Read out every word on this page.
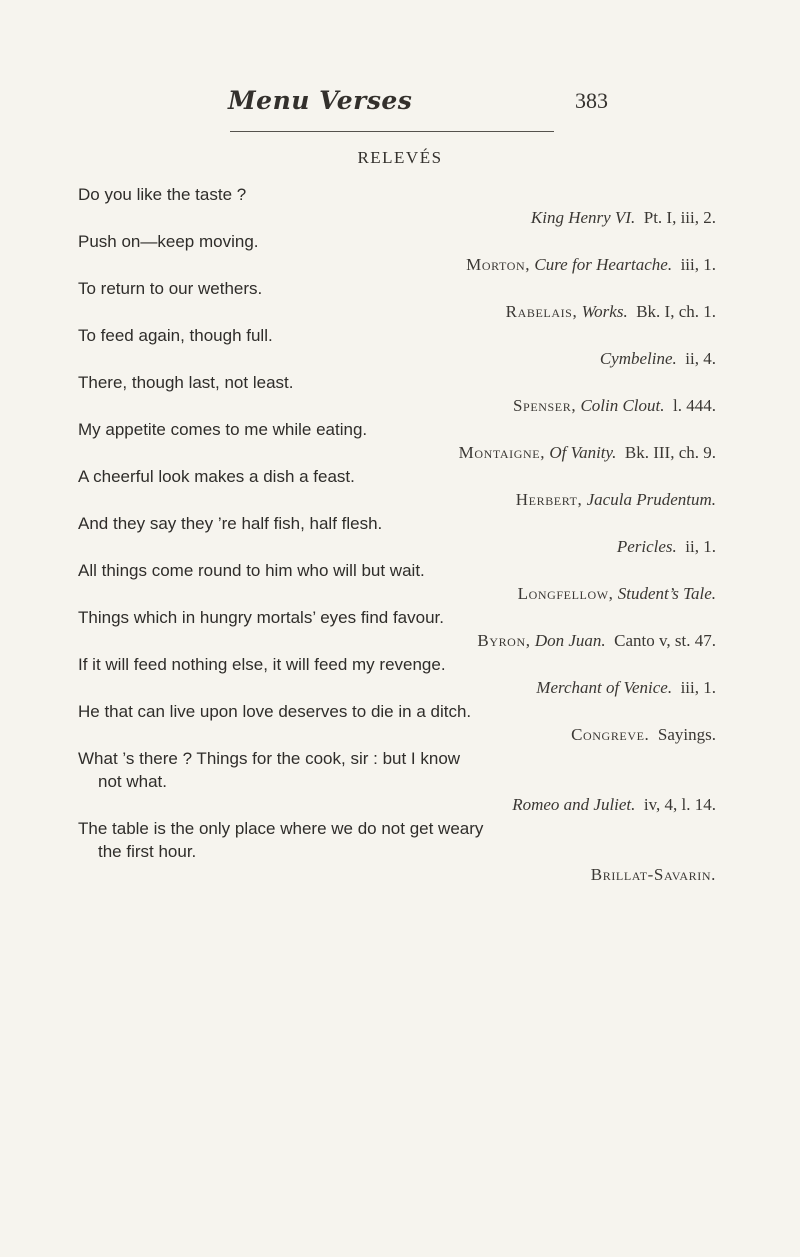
Menu Verses	383
RELEVÉS
Do you like the taste ?
King Henry VI. Pt. I, iii, 2.
Push on—keep moving.
Morton, Cure for Heartache. iii, 1.
To return to our wethers.
Rabelais, Works. Bk. I, ch. 1.
To feed again, though full.
Cymbeline. ii, 4.
There, though last, not least.
Spenser, Colin Clout. l. 444.
My appetite comes to me while eating.
Montaigne, Of Vanity. Bk. III, ch. 9.
A cheerful look makes a dish a feast.
Herbert, Jacula Prudentum.
And they say they ’re half fish, half flesh.
Pericles. ii, 1.
All things come round to him who will but wait.
Longfellow, Student’s Tale.
Things which in hungry mortals’ eyes find favour.
Byron, Don Juan. Canto v, st. 47.
If it will feed nothing else, it will feed my revenge.
Merchant of Venice. iii, 1.
He that can live upon love deserves to die in a ditch.
Congreve. Sayings.
What ’s there ? Things for the cook, sir : but I know
not what.
Romeo and Juliet. iv, 4, l. 14.
The table is the only place where we do not get weary
the first hour.
Brillat-Savarin.
